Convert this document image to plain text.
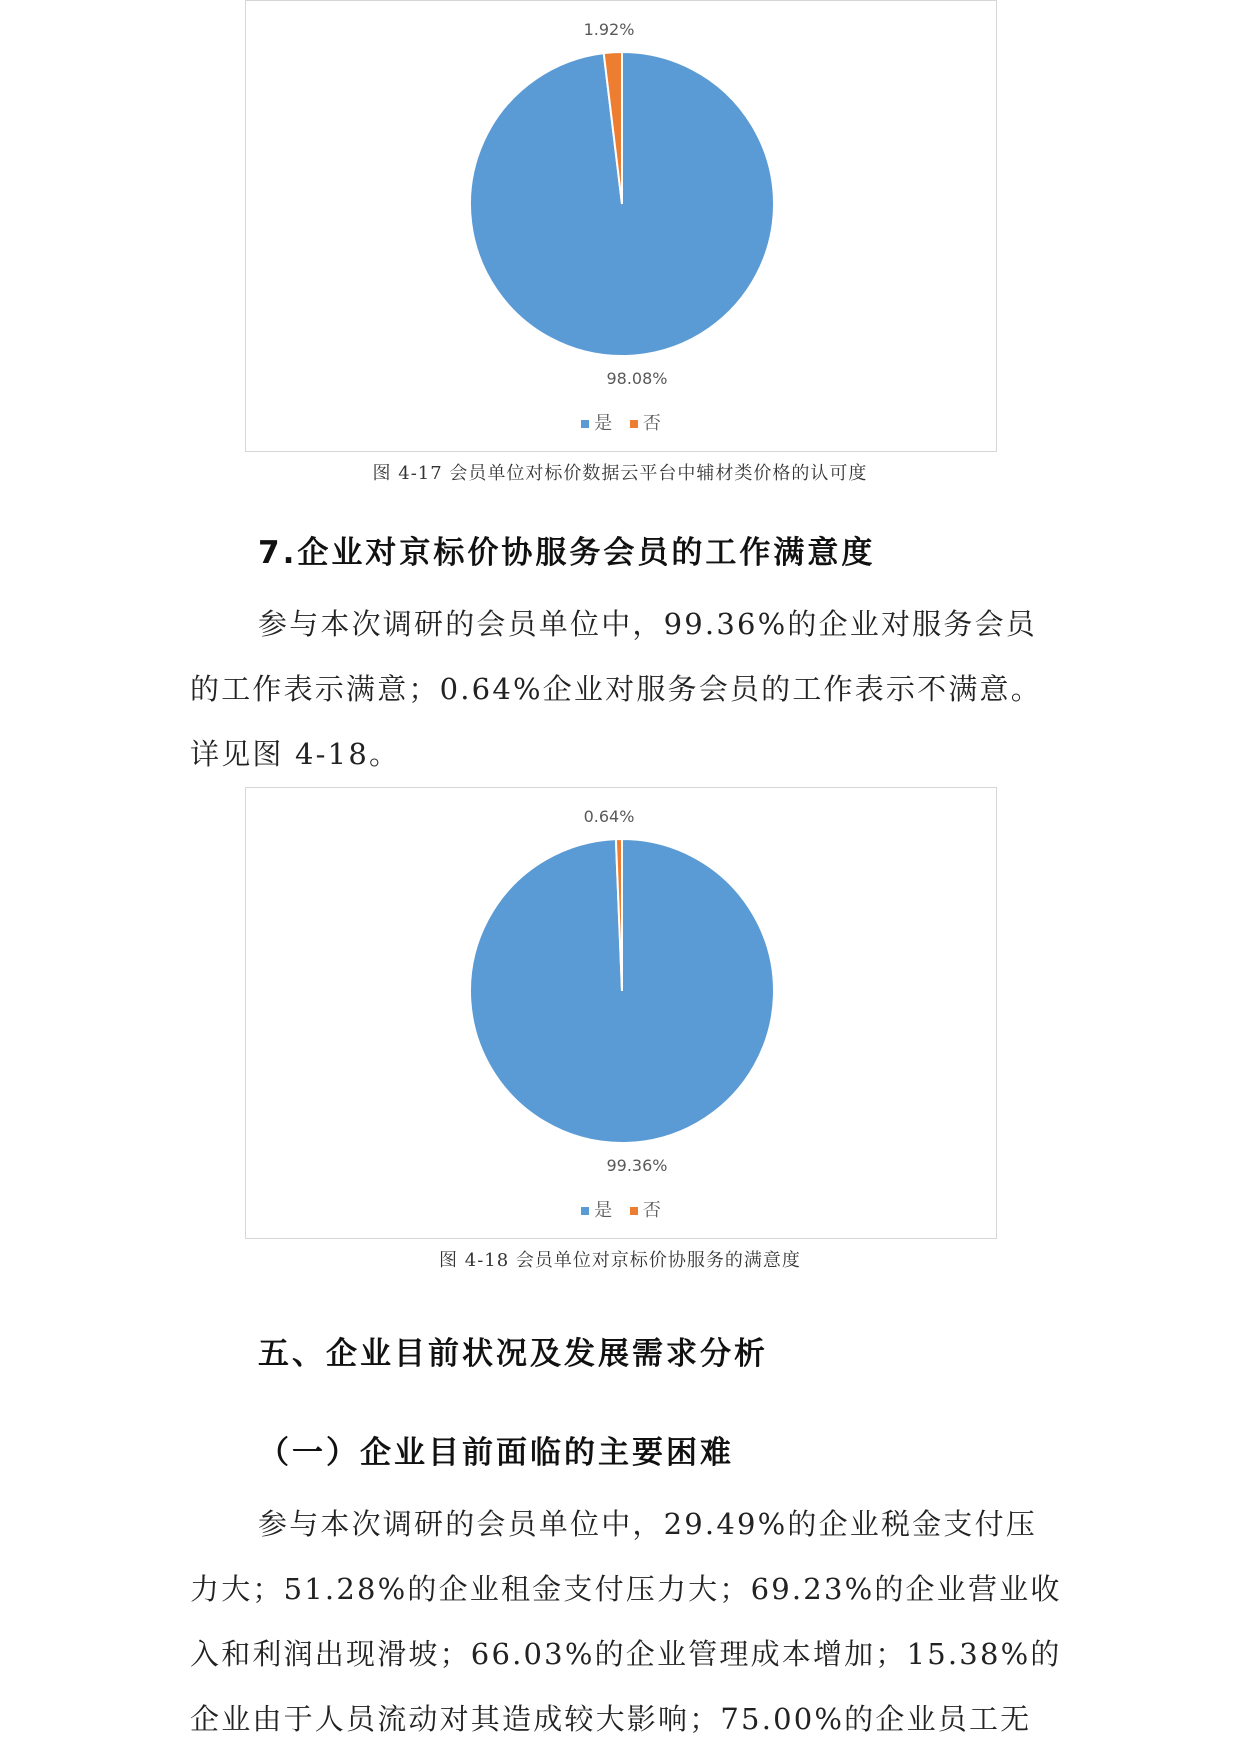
1.92%
98.08%
是 否
图 4-17 会员单位对标价数据云平台中辅材类价格的认可度
7.企业对京标价协服务会员的工作满意度
参与本次调研的会员单位中，99.36%的企业对服务会员
的工作表示满意；0.64%企业对服务会员的工作表示不满意。
详见图 4-18。
0.64%
99.36%
是 否
图 4-18 会员单位对京标价协服务的满意度
五、企业目前状况及发展需求分析
（一）企业目前面临的主要困难
参与本次调研的会员单位中，29.49%的企业税金支付压
力大；51.28%的企业租金支付压力大；69.23%的企业营业收
入和利润出现滑坡；66.03%的企业管理成本增加；15.38%的
企业由于人员流动对其造成较大影响；75.00%的企业员工无
